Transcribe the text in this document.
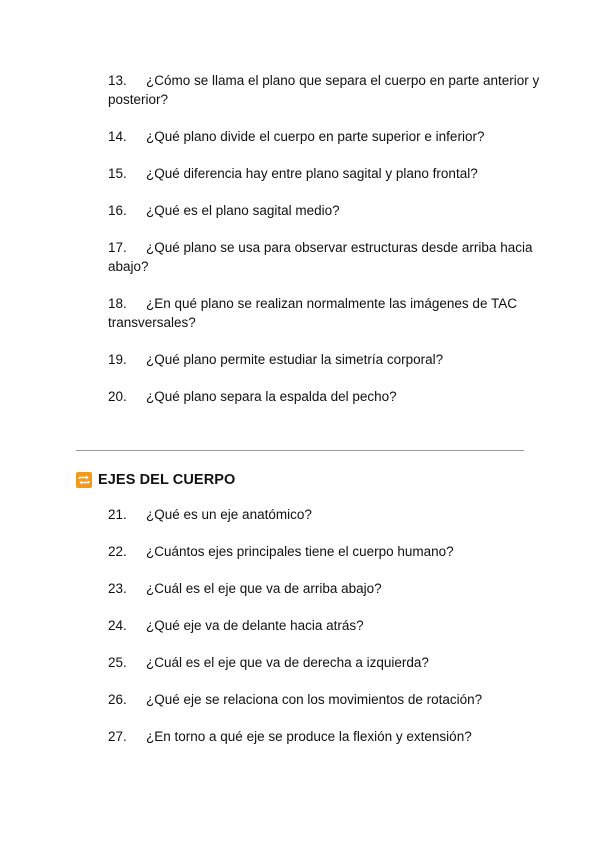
13. ¿Cómo se llama el plano que separa el cuerpo en parte anterior y posterior?
14. ¿Qué plano divide el cuerpo en parte superior e inferior?
15. ¿Qué diferencia hay entre plano sagital y plano frontal?
16. ¿Qué es el plano sagital medio?
17. ¿Qué plano se usa para observar estructuras desde arriba hacia abajo?
18. ¿En qué plano se realizan normalmente las imágenes de TAC transversales?
19. ¿Qué plano permite estudiar la simetría corporal?
20. ¿Qué plano separa la espalda del pecho?
EJES DEL CUERPO
21. ¿Qué es un eje anatómico?
22. ¿Cuántos ejes principales tiene el cuerpo humano?
23. ¿Cuál es el eje que va de arriba abajo?
24. ¿Qué eje va de delante hacia atrás?
25. ¿Cuál es el eje que va de derecha a izquierda?
26. ¿Qué eje se relaciona con los movimientos de rotación?
27. ¿En torno a qué eje se produce la flexión y extensión?
